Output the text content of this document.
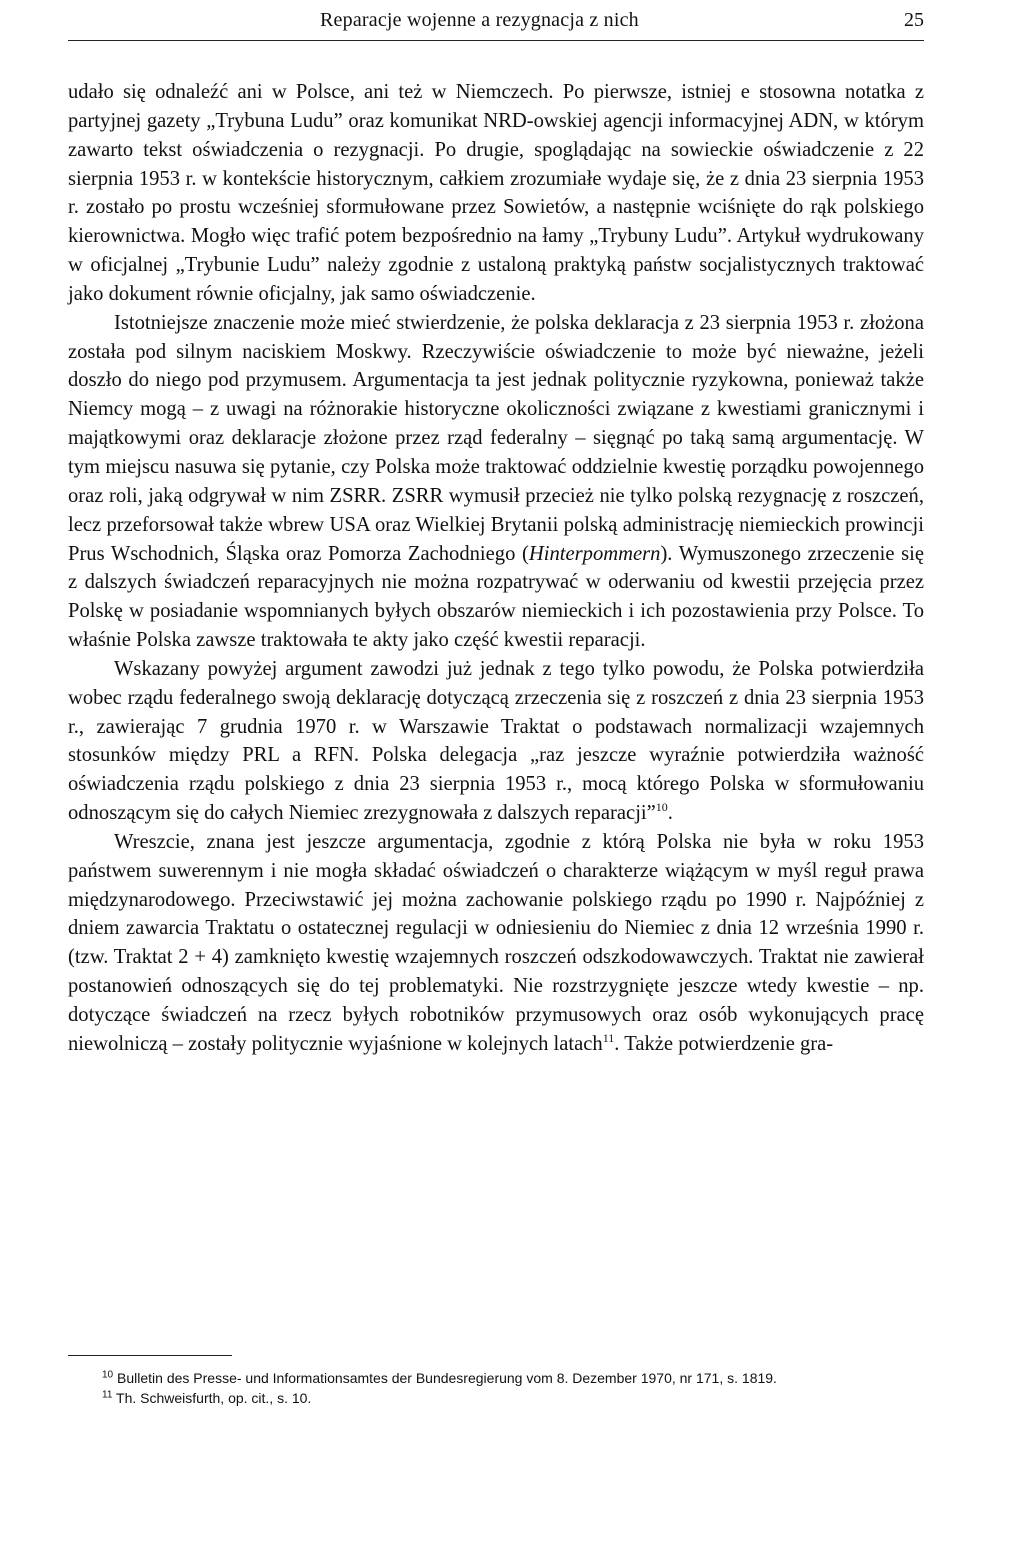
Reparacje wojenne a rezygnacja z nich	25

udało się odnaleźć ani w Polsce, ani też w Niemczech. Po pierwsze, istniej e stosowna notatka z partyjnej gazety „Trybuna Ludu” oraz komunikat NRD-owskiej agencji informacyjnej ADN, w którym zawarto tekst oświadczenia o rezygnacji. Po drugie, spoglądając na sowieckie oświadczenie z 22 sierpnia 1953 r. w kontekście historycznym, całkiem zrozumiałe wydaje się, że z dnia 23 sierpnia 1953 r. zostało po prostu wcześniej sformułowane przez Sowietów, a następnie wciśnięte do rąk polskiego kierownictwa. Mogło więc trafić potem bezpośrednio na łamy „Trybuny Ludu”. Artykuł wydrukowany w oficjalnej „Trybunie Ludu” należy zgodnie z ustaloną praktyką państw socjalistycznych traktować jako dokument równie oficjalny, jak samo oświadczenie.

Istotniejsze znaczenie może mieć stwierdzenie, że polska deklaracja z 23 sierpnia 1953 r. złożona została pod silnym naciskiem Moskwy. Rzeczywiście oświadczenie to może być nieważne, jeżeli doszło do niego pod przymusem. Argumentacja ta jest jednak politycznie ryzykowna, ponieważ także Niemcy mogą – z uwagi na różnorakie historyczne okoliczności związane z kwestiami granicznymi i majątkowymi oraz deklaracje złożone przez rząd federalny – sięgnąć po taką samą argumentację. W tym miejscu nasuwa się pytanie, czy Polska może traktować oddzielnie kwestię porządku powojennego oraz roli, jaką odgrywał w nim ZSRR. ZSRR wymusił przecież nie tylko polską rezygnację z roszczeń, lecz przeforsował także wbrew USA oraz Wielkiej Brytanii polską administrację niemieckich prowincji Prus Wschodnich, Śląska oraz Pomorza Zachodniego (Hinterpommern). Wymuszonego zrzeczenie się z dalszych świadczeń reparacyjnych nie można rozpatrywać w oderwaniu od kwestii przejęcia przez Polskę w posiadanie wspomnianych byłych obszarów niemieckich i ich pozostawienia przy Polsce. To właśnie Polska zawsze traktowała te akty jako część kwestii reparacji.

Wskazany powyżej argument zawodzi już jednak z tego tylko powodu, że Polska potwierdziła wobec rządu federalnego swoją deklarację dotyczącą zrzeczenia się z roszczeń z dnia 23 sierpnia 1953 r., zawierając 7 grudnia 1970 r. w Warszawie Traktat o podstawach normalizacji wzajemnych stosunków między PRL a RFN. Polska delegacja „raz jeszcze wyraźnie potwierdziła ważność oświadczenia rządu polskiego z dnia 23 sierpnia 1953 r., mocą którego Polska w sformułowaniu odnoszącym się do całych Niemiec zrezygnowała z dalszych reparacji”$^{10}$.

Wreszcie, znana jest jeszcze argumentacja, zgodnie z którą Polska nie była w roku 1953 państwem suwerennym i nie mogła składać oświadczeń o charakterze wiążącym w myśl reguł prawa międzynarodowego. Przeciwstawić jej można zachowanie polskiego rządu po 1990 r. Najpóźniej z dniem zawarcia Traktatu o ostatecznej regulacji w odniesieniu do Niemiec z dnia 12 września 1990 r. (tzw. Traktat 2 + 4) zamknięto kwestię wzajemnych roszczeń odszkodowawczych. Traktat nie zawierał postanowień odnoszących się do tej problematyki. Nie rozstrzygnięte jeszcze wtedy kwestie – np. dotyczące świadczeń na rzecz byłych robotników przymusowych oraz osób wykonujących pracę niewolniczą – zostały politycznie wyjaśnione w kolejnych latach$^{11}$. Także potwierdzenie gra-

$^{10}$ Bulletin des Presse- und Informationsamtes der Bundesregierung vom 8. Dezember 1970, nr 171, s. 1819.

$^{11}$ Th. Schweisfurth, op. cit., s. 10.
